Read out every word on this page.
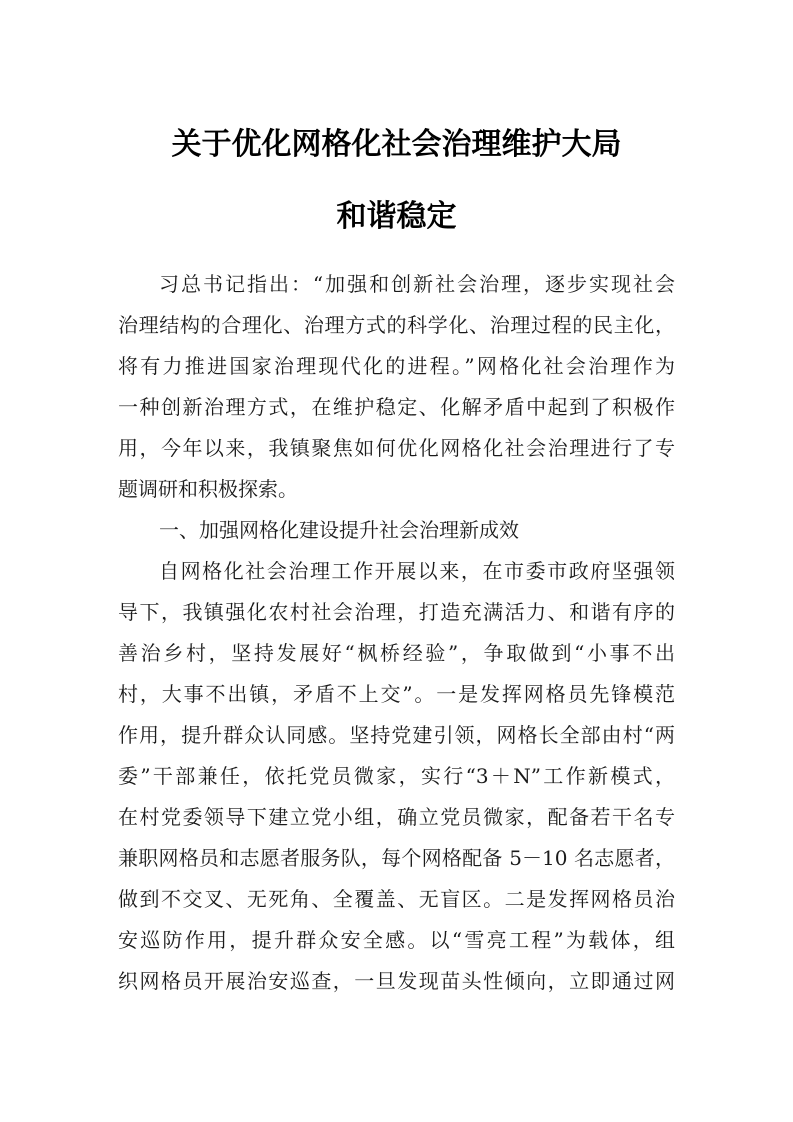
关于优化网格化社会治理维护大局
和谐稳定
习总书记指出：“加强和创新社会治理，逐步实现社会
治理结构的合理化、治理方式的科学化、治理过程的民主化，
将有力推进国家治理现代化的进程。”网格化社会治理作为
一种创新治理方式，在维护稳定、化解矛盾中起到了积极作
用，今年以来，我镇聚焦如何优化网格化社会治理进行了专
题调研和积极探索。
一、加强网格化建设提升社会治理新成效
自网格化社会治理工作开展以来，在市委市政府坚强领
导下，我镇强化农村社会治理，打造充满活力、和谐有序的
善治乡村，坚持发展好“枫桥经验”，争取做到“小事不出
村，大事不出镇，矛盾不上交”。一是发挥网格员先锋模范
作用，提升群众认同感。坚持党建引领，网格长全部由村“两
委”干部兼任，依托党员微家，实行“3＋N”工作新模式，
在村党委领导下建立党小组，确立党员微家，配备若干名专
兼职网格员和志愿者服务队，每个网格配备 5－10 名志愿者，
做到不交叉、无死角、全覆盖、无盲区。二是发挥网格员治
安巡防作用，提升群众安全感。以“雪亮工程”为载体，组
织网格员开展治安巡查，一旦发现苗头性倾向，立即通过网
